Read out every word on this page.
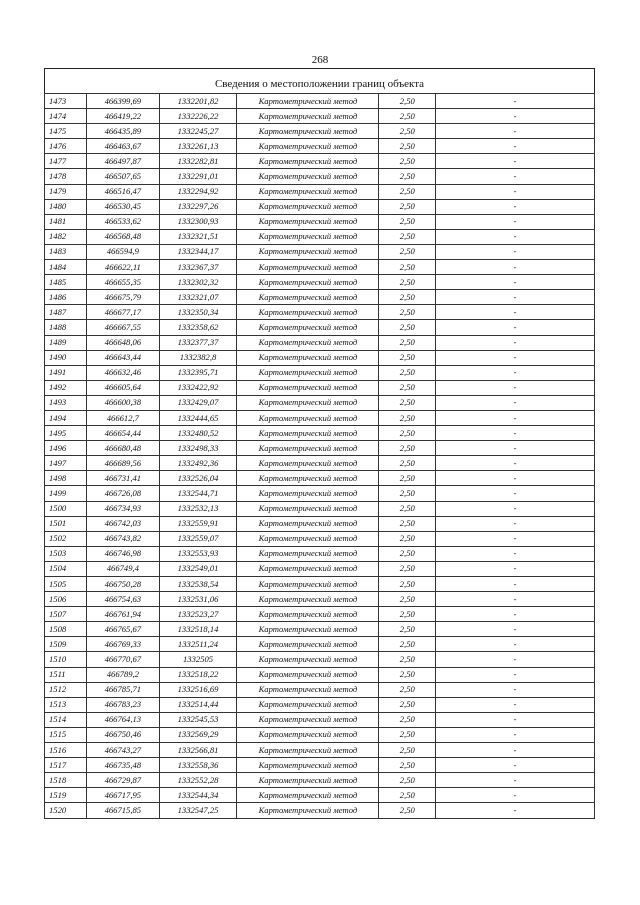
268
Сведения о местоположении границ объекта
1473	466399,69	1332201,82	Картометрический метод	2,50	-
1474	466419,22	1332226,22	Картометрический метод	2,50	-
1475	466435,89	1332245,27	Картометрический метод	2,50	-
1476	466463,67	1332261,13	Картометрический метод	2,50	-
1477	466497,87	1332282,81	Картометрический метод	2,50	-
1478	466507,65	1332291,01	Картометрический метод	2,50	-
1479	466516,47	1332294,92	Картометрический метод	2,50	-
1480	466530,45	1332297,26	Картометрический метод	2,50	-
1481	466533,62	1332300,93	Картометрический метод	2,50	-
1482	466568,48	1332321,51	Картометрический метод	2,50	-
1483	466594,9	1332344,17	Картометрический метод	2,50	-
1484	466622,11	1332367,37	Картометрический метод	2,50	-
1485	466655,35	1332302,32	Картометрический метод	2,50	-
1486	466675,79	1332321,07	Картометрический метод	2,50	-
1487	466677,17	1332350,34	Картометрический метод	2,50	-
1488	466667,55	1332358,62	Картометрический метод	2,50	-
1489	466648,06	1332377,37	Картометрический метод	2,50	-
1490	466643,44	1332382,8	Картометрический метод	2,50	-
1491	466632,46	1332395,71	Картометрический метод	2,50	-
1492	466605,64	1332422,92	Картометрический метод	2,50	-
1493	466600,38	1332429,07	Картометрический метод	2,50	-
1494	466612,7	1332444,65	Картометрический метод	2,50	-
1495	466654,44	1332480,52	Картометрический метод	2,50	-
1496	466680,48	1332498,33	Картометрический метод	2,50	-
1497	466689,56	1332492,36	Картометрический метод	2,50	-
1498	466731,41	1332526,04	Картометрический метод	2,50	-
1499	466726,08	1332544,71	Картометрический метод	2,50	-
1500	466734,93	1332532,13	Картометрический метод	2,50	-
1501	466742,03	1332559,91	Картометрический метод	2,50	-
1502	466743,82	1332559,07	Картометрический метод	2,50	-
1503	466746,98	1332553,93	Картометрический метод	2,50	-
1504	466749,4	1332549,01	Картометрический метод	2,50	-
1505	466750,28	1332538,54	Картометрический метод	2,50	-
1506	466754,63	1332531,06	Картометрический метод	2,50	-
1507	466761,94	1332523,27	Картометрический метод	2,50	-
1508	466765,67	1332518,14	Картометрический метод	2,50	-
1509	466769,33	1332511,24	Картометрический метод	2,50	-
1510	466770,67	1332505	Картометрический метод	2,50	-
1511	466789,2	1332518,22	Картометрический метод	2,50	-
1512	466785,71	1332516,69	Картометрический метод	2,50	-
1513	466783,23	1332514,44	Картометрический метод	2,50	-
1514	466764,13	1332545,53	Картометрический метод	2,50	-
1515	466750,46	1332569,29	Картометрический метод	2,50	-
1516	466743,27	1332566,81	Картометрический метод	2,50	-
1517	466735,48	1332558,36	Картометрический метод	2,50	-
1518	466729,87	1332552,28	Картометрический метод	2,50	-
1519	466717,95	1332544,34	Картометрический метод	2,50	-
1520	466715,85	1332547,25	Картометрический метод	2,50	-
